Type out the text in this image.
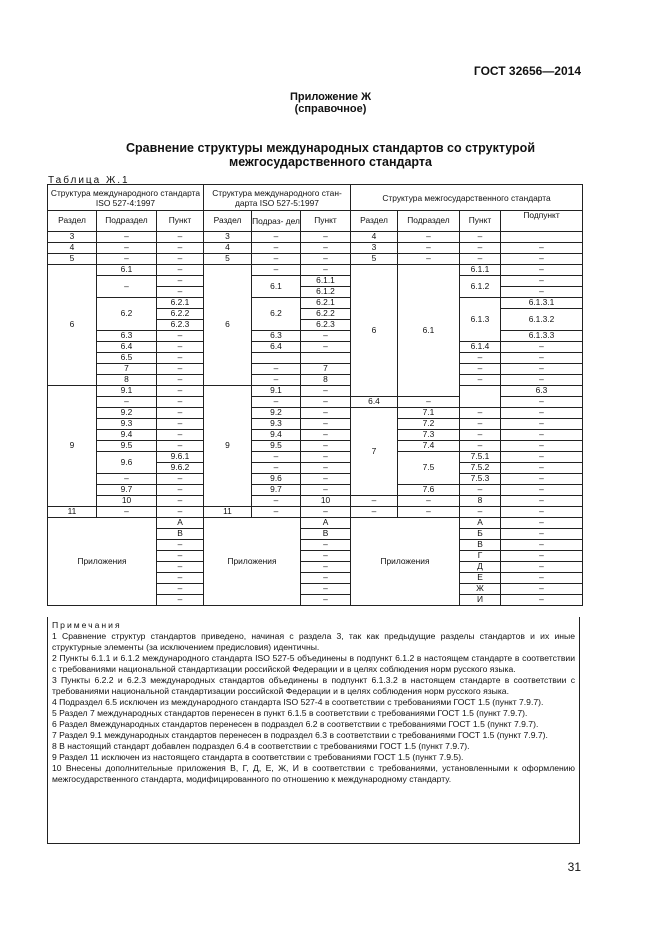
ГОСТ 32656—2014
Приложение Ж
(справочное)
Сравнение структуры международных стандартов со структурой
межгосударственного стандарта
Таблица Ж.1
Структура международного стандарта ISO 527-4:1997			Структура международного стан- дарта ISO 527-5:1997			Структура межгосударственного стандарта				
Раздел	Подраздел	Пункт	Раздел	Подраз- дел	Пункт	Раздел	Подраздел	Пункт	Подпункт	
3	–	–	3	–	–	4	–	–		
4	–	–	4	–	–	3	–	–	–	
5	–	–	5	–	–	5	–	–	–	
6	6.1	–	6	–	–	6	6.1	6.1.1	–	
	–	–		6.1	6.1.1			6.1.2	–	
		–			6.1.2				–	
	6.2	6.2.1		6.2	6.2.1			6.1.3	6.1.3.1	
		6.2.2			6.2.2				6.1.3.2	
		6.2.3			6.2.3					
	6.3	–		6.3	–				6.1.3.3	
	6.4	–		6.4	–			6.1.4	–	
	6.5	–						–	–	
	7	–		–	7			–	–		
	8	–		–	8			–	–			
9	9.1	–	9	9.1	–				6.3		
	–	–		–	–	6.4	–		–	
	9.2	–		9.2	–	7	7.1	–	–	
	9.3	–		9.3	–		7.2	–	–	
	9.4	–		9.4	–		7.3	–	–	
	9.5	–		9.5	–		7.4	–	–	
	9.6	9.6.1		–	–		7.5	7.5.1	–	
		9.6.2		–	–			7.5.2	–	
	–	–		9.6	–			7.5.3	–	
	9.7	–		9.7	–		7.6	–	–	
	10	–		–	10	–	–	8	–		
11	–	–	11	–	–	–	–	–	–	
Приложения		A	Приложения		A	Приложения		А	–	
		B			B			Б	–	
		–			–			В	–	
		–			–			Г	–	
		–			–			Д	–	
		–			–			Е	–	
		–			–			Ж	–	
		–			–			И	–	

Примечания

1 Сравнение структур стандартов приведено, начиная с раздела 3, так как предыдущие разделы стандартов и их иные структурные элементы (за исключением предисловия) идентичны.

2 Пункты 6.1.1 и 6.1.2 международного стандарта ISO 527-5 объединены в подпункт 6.1.2 в настоящем стандарте в соответствии с требованиями национальной стандартизации российской Федерации и в целях соблюдения норм русского языка.

3 Пункты 6.2.2 и 6.2.3 международных стандартов объединены в подпункт 6.1.3.2 в настоящем стандарте в соответствии с требованиями национальной стандартизации российской Федерации и в целях соблюдения норм русского языка.

4 Подраздел 6.5 исключен из международного стандарта ISO 527-4 в соответствии с требованиями ГОСТ 1.5 (пункт 7.9.7).

5 Раздел 7 международных стандартов перенесен в пункт 6.1.5 в соответствии с требованиями ГОСТ 1.5 (пункт 7.9.7).

6 Раздел 8международных стандартов перенесен в подраздел 6.2 в соответствии с требованиями ГОСТ 1.5 (пункт 7.9.7).

7 Раздел 9.1 международных стандартов перенесен в подраздел 6.3 в соответствии с требованиями ГОСТ 1.5 (пункт 7.9.7).

8 В настоящий стандарт добавлен подраздел 6.4 в соответствии с требованиями ГОСТ 1.5 (пункт 7.9.7).

9 Раздел 11 исключен из настоящего стандарта в соответствии с требованиями ГОСТ 1.5 (пункт 7.9.5).

10 Внесены дополнительные приложения В, Г, Д, Е, Ж, И в соответствии с требованиями, установленными к оформлению межгосударственного стандарта, модифицированного по отношению к международному стандарту.

31
